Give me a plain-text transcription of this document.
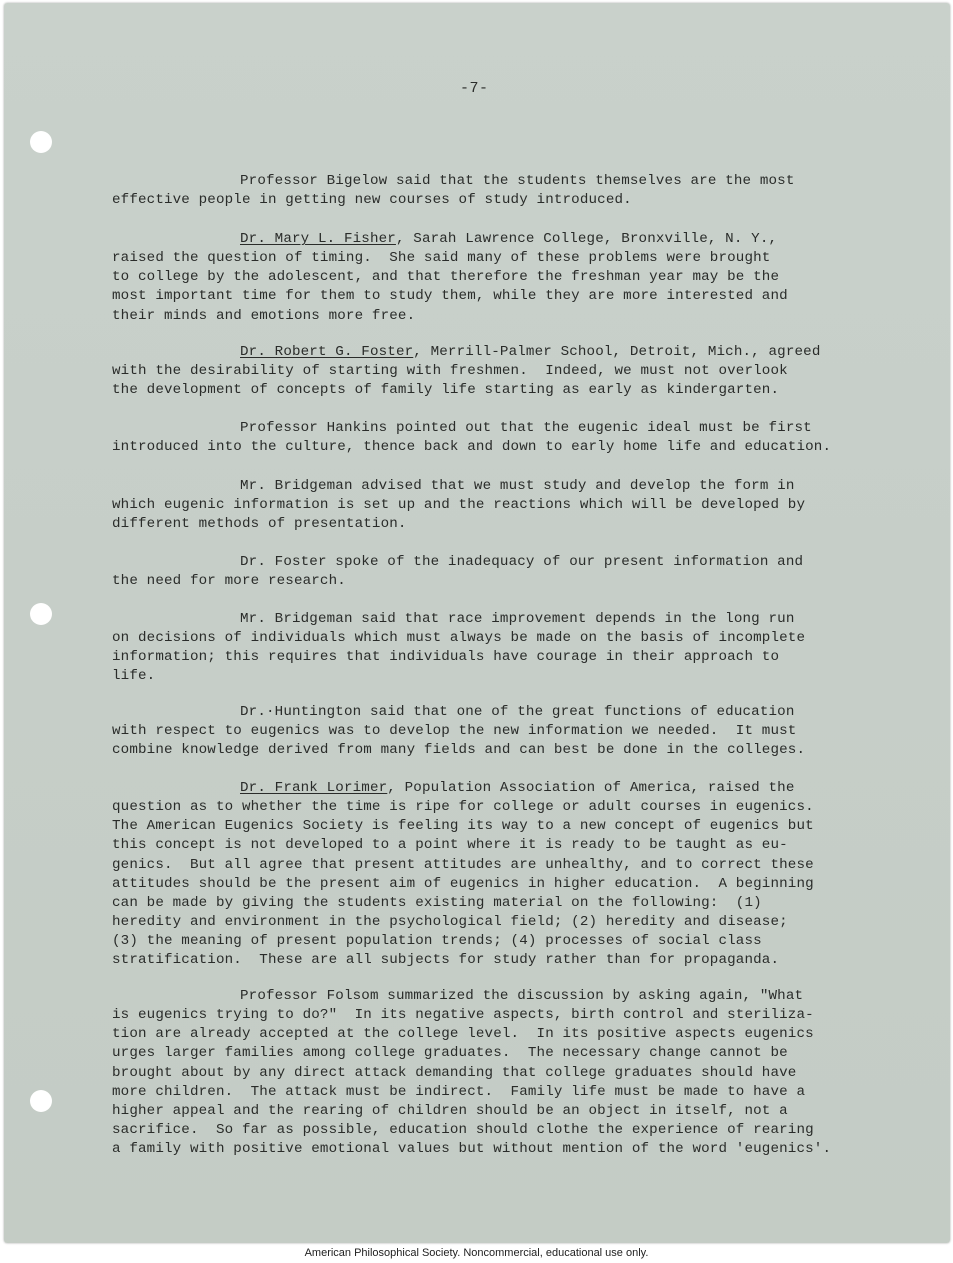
-7-

Professor Bigelow said that the students themselves are the most
effective people in getting new courses of study introduced.

Dr. Mary L. Fisher, Sarah Lawrence College, Bronxville, N. Y.,
raised the question of timing.  She said many of these problems were brought
to college by the adolescent, and that therefore the freshman year may be the
most important time for them to study them, while they are more interested and
their minds and emotions more free.

Dr. Robert G. Foster, Merrill-Palmer School, Detroit, Mich., agreed
with the desirability of starting with freshmen.  Indeed, we must not overlook
the development of concepts of family life starting as early as kindergarten.

Professor Hankins pointed out that the eugenic ideal must be first
introduced into the culture, thence back and down to early home life and education.

Mr. Bridgeman advised that we must study and develop the form in
which eugenic information is set up and the reactions which will be developed by
different methods of presentation.

Dr. Foster spoke of the inadequacy of our present information and
the need for more research.

Mr. Bridgeman said that race improvement depends in the long run
on decisions of individuals which must always be made on the basis of incomplete
information; this requires that individuals have courage in their approach to
life.

Dr.·Huntington said that one of the great functions of education
with respect to eugenics was to develop the new information we needed.  It must
combine knowledge derived from many fields and can best be done in the colleges.

Dr. Frank Lorimer, Population Association of America, raised the
question as to whether the time is ripe for college or adult courses in eugenics.
The American Eugenics Society is feeling its way to a new concept of eugenics but
this concept is not developed to a point where it is ready to be taught as eu-
genics.  But all agree that present attitudes are unhealthy, and to correct these
attitudes should be the present aim of eugenics in higher education.  A beginning
can be made by giving the students existing material on the following:  (1)
heredity and environment in the psychological field; (2) heredity and disease;
(3) the meaning of present population trends; (4) processes of social class
stratification.  These are all subjects for study rather than for propaganda.

Professor Folsom summarized the discussion by asking again, "What
is eugenics trying to do?"  In its negative aspects, birth control and steriliza-
tion are already accepted at the college level.  In its positive aspects eugenics
urges larger families among college graduates.  The necessary change cannot be
brought about by any direct attack demanding that college graduates should have
more children.  The attack must be indirect.  Family life must be made to have a
higher appeal and the rearing of children should be an object in itself, not a
sacrifice.  So far as possible, education should clothe the experience of rearing
a family with positive emotional values but without mention of the word 'eugenics'.

American Philosophical Society. Noncommercial, educational use only.
